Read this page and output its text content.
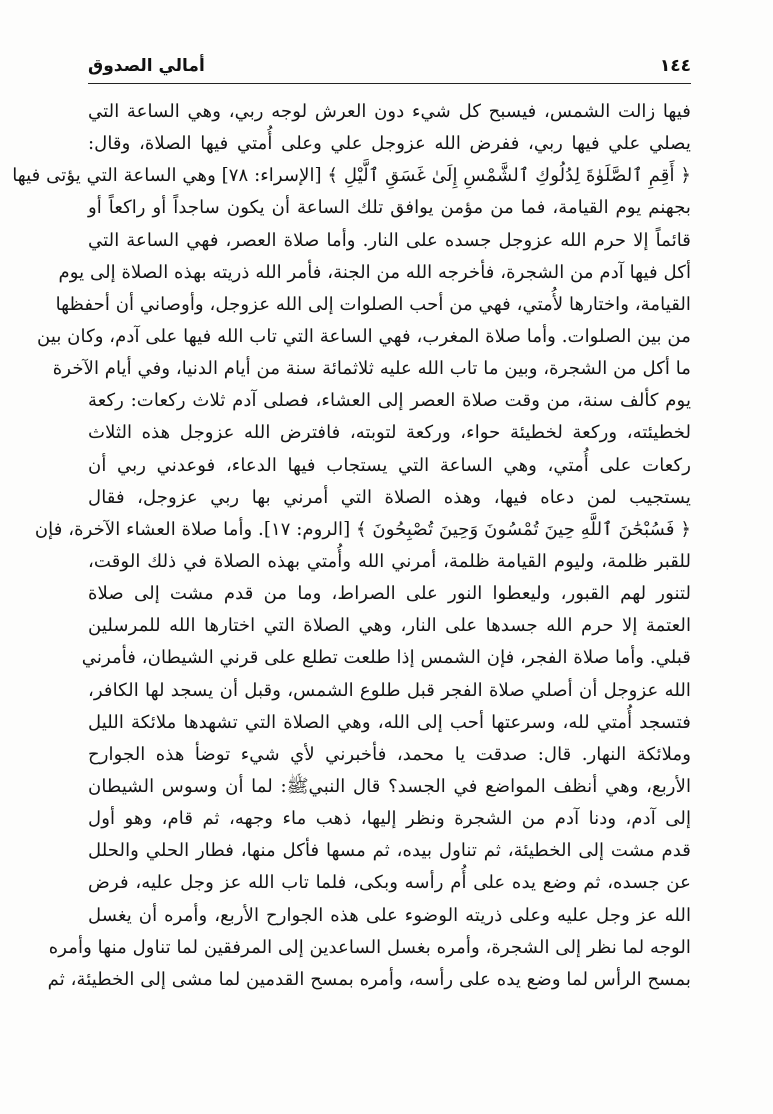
١٤٤
أمالي الصدوق
فيها زالت الشمس، فيسبح كل شيء دون العرش لوجه ربي، وهي الساعة التي
يصلي علي فيها ربي، ففرض الله عزوجل علي وعلى أُمتي فيها الصلاة، وقال:
﴿ أَقِمِ ٱلصَّلَوٰةَ لِدُلُوكِ ٱلشَّمْسِ إِلَىٰ غَسَقِ ٱلَّيْلِ ﴾ [الإسراء: ٧٨] وهي الساعة التي يؤتى فيها
بجهنم يوم القيامة، فما من مؤمن يوافق تلك الساعة أن يكون ساجداً أو راكعاً أو
قائماً إلا حرم الله عزوجل جسده على النار. وأما صلاة العصر، فهي الساعة التي
أكل فيها آدم من الشجرة، فأخرجه الله من الجنة، فأمر الله ذريته بهذه الصلاة إلى يوم
القيامة، واختارها لأُمتي، فهي من أحب الصلوات إلى الله عزوجل، وأوصاني أن أحفظها
من بين الصلوات. وأما صلاة المغرب، فهي الساعة التي تاب الله فيها على آدم، وكان بين
ما أكل من الشجرة، وبين ما تاب الله عليه ثلاثمائة سنة من أيام الدنيا، وفي أيام الآخرة
يوم كألف سنة، من وقت صلاة العصر إلى العشاء، فصلى آدم ثلاث ركعات: ركعة
لخطيئته، وركعة لخطيئة حواء، وركعة لتوبته، فافترض الله عزوجل هذه الثلاث
ركعات على أُمتي، وهي الساعة التي يستجاب فيها الدعاء، فوعدني ربي أن
يستجيب لمن دعاه فيها، وهذه الصلاة التي أمرني بها ربي عزوجل، فقال
﴿ فَسُبْحَٰنَ ٱللَّهِ حِينَ تُمْسُونَ وَحِينَ تُصْبِحُونَ ﴾ [الروم: ١٧]. وأما صلاة العشاء الآخرة، فإن
للقبر ظلمة، وليوم القيامة ظلمة، أمرني الله وأُمتي بهذه الصلاة في ذلك الوقت،
لتنور لهم القبور، وليعطوا النور على الصراط، وما من قدم مشت إلى صلاة
العتمة إلا حرم الله جسدها على النار، وهي الصلاة التي اختارها الله للمرسلين
قبلي. وأما صلاة الفجر، فإن الشمس إذا طلعت تطلع على قرني الشيطان، فأمرني
الله عزوجل أن أصلي صلاة الفجر قبل طلوع الشمس، وقبل أن يسجد لها الكافر،
فتسجد أُمتي لله، وسرعتها أحب إلى الله، وهي الصلاة التي تشهدها ملائكة الليل
وملائكة النهار. قال: صدقت يا محمد، فأخبرني لأي شيء توضأ هذه الجوارح
الأربع، وهي أنظف المواضع في الجسد؟ قال النبيﷺ: لما أن وسوس الشيطان
إلى آدم، ودنا آدم من الشجرة ونظر إليها، ذهب ماء وجهه، ثم قام، وهو أول
قدم مشت إلى الخطيئة، ثم تناول بيده، ثم مسها فأكل منها، فطار الحلي والحلل
عن جسده، ثم وضع يده على أُم رأسه وبكى، فلما تاب الله عز وجل عليه، فرض
الله عز وجل عليه وعلى ذريته الوضوء على هذه الجوارح الأربع، وأمره أن يغسل
الوجه لما نظر إلى الشجرة، وأمره بغسل الساعدين إلى المرفقين لما تناول منها وأمره
بمسح الرأس لما وضع يده على رأسه، وأمره بمسح القدمين لما مشى إلى الخطيئة، ثم
